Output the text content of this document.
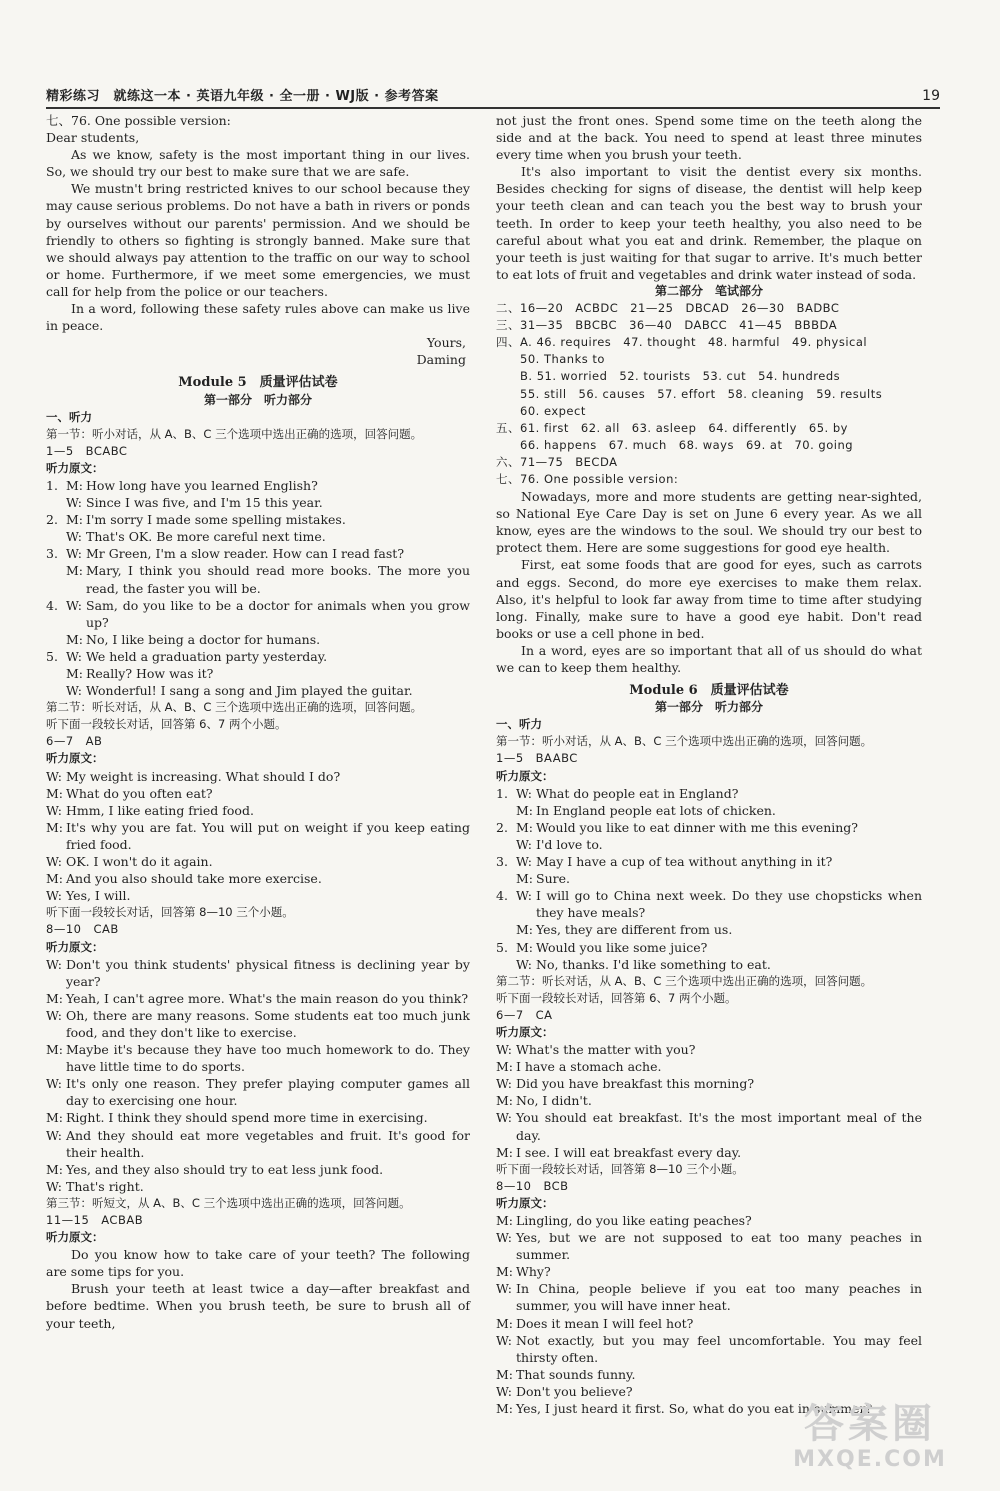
精彩练习　就练这一本 · 英语九年级 · 全一册 · WJ版 · 参考答案	19

七、76. One possible version:

Dear students,

As we know, safety is the most important thing in our lives. So, we should try our best to make sure that we are safe.

We mustn't bring restricted knives to our school because they may cause serious problems. Do not have a bath in rivers or ponds by ourselves without our parents' permission. And we should be friendly to others so fighting is strongly banned. Make sure that we should always pay attention to the traffic on our way to school or home. Furthermore, if we meet some emergencies, we must call for help from the police or our teachers.

In a word, following these safety rules above can make us live in peace.

Yours,

Daming

Module 5　质量评估试卷

第一部分　听力部分

一、听力

第一节：听小对话，从 A、B、C 三个选项中选出正确的选项，回答问题。

1—5　BCABC

听力原文：

1. M: How long have you learned English?
W: Since I was five, and I'm 15 this year.
2. M: I'm sorry I made some spelling mistakes.
W: That's OK. Be more careful next time.
3. W: Mr Green, I'm a slow reader. How can I read fast?
M: Mary, I think you should read more books. The more you read, the faster you will be.
4. W: Sam, do you like to be a doctor for animals when you grow up?
M: No, I like being a doctor for humans.
5. W: We held a graduation party yesterday.
M: Really? How was it?
W: Wonderful! I sang a song and Jim played the guitar.

第二节：听长对话，从 A、B、C 三个选项中选出正确的选项，回答问题。

听下面一段较长对话，回答第 6、7 两个小题。

6—7　AB

听力原文：

W: My weight is increasing. What should I do?
M: What do you often eat?
W: Hmm, I like eating fried food.
M: It's why you are fat. You will put on weight if you keep eating fried food.
W: OK. I won't do it again.
M: And you also should take more exercise.
W: Yes, I will.

听下面一段较长对话，回答第 8—10 三个小题。

8—10　CAB

听力原文：

W: Don't you think students' physical fitness is declining year by year?
M: Yeah, I can't agree more. What's the main reason do you think?
W: Oh, there are many reasons. Some students eat too much junk food, and they don't like to exercise.
M: Maybe it's because they have too much homework to do. They have little time to do sports.
W: It's only one reason. They prefer playing computer games all day to exercising one hour.
M: Right. I think they should spend more time in exercising.
W: And they should eat more vegetables and fruit. It's good for their health.
M: Yes, and they also should try to eat less junk food.
W: That's right.

第三节：听短文，从 A、B、C 三个选项中选出正确的选项，回答问题。

11—15　ACBAB

听力原文：

Do you know how to take care of your teeth? The following are some tips for you.

Brush your teeth at least twice a day—after breakfast and before bedtime. When you brush teeth, be sure to brush all of your teeth,

not just the front ones. Spend some time on the teeth along the side and at the back. You need to spend at least three minutes every time when you brush your teeth.

It's also important to visit the dentist every six months. Besides checking for signs of disease, the dentist will help keep your teeth clean and can teach you the best way to brush your teeth. In order to keep your teeth healthy, you also need to be careful about what you eat and drink. Remember, the plaque on your teeth is just waiting for that sugar to arrive. It's much better to eat lots of fruit and vegetables and drink water instead of soda.

第二部分　笔试部分

二、16—20　ACBDC　21—25　DBCAD　26—30　BADBC

三、31—35　BBCBC　36—40　DABCC　41—45　BBBDA

四、A. 46. requires　47. thought　48. harmful　49. physical

　　50. Thanks to

　　B. 51. worried　52. tourists　53. cut　54. hundreds

　　55. still　56. causes　57. effort　58. cleaning　59. results

　　60. expect

五、61. first　62. all　63. asleep　64. differently　65. by

　　66. happens　67. much　68. ways　69. at　70. going

六、71—75　BECDA

七、76. One possible version:

Nowadays, more and more students are getting near-sighted, so National Eye Care Day is set on June 6 every year. As we all know, eyes are the windows to the soul. We should try our best to protect them. Here are some suggestions for good eye health.

First, eat some foods that are good for eyes, such as carrots and eggs. Second, do more eye exercises to make them relax. Also, it's helpful to look far away from time to time after studying long. Finally, make sure to have a good eye habit. Don't read books or use a cell phone in bed.

In a word, eyes are so important that all of us should do what we can to keep them healthy.

Module 6　质量评估试卷

第一部分　听力部分

一、听力

第一节：听小对话，从 A、B、C 三个选项中选出正确的选项，回答问题。

1—5　BAABC

听力原文：

1. W: What do people eat in England?
M: In England people eat lots of chicken.
2. M: Would you like to eat dinner with me this evening?
W: I'd love to.
3. W: May I have a cup of tea without anything in it?
M: Sure.
4. W: I will go to China next week. Do they use chopsticks when they have meals?
M: Yes, they are different from us.
5. M: Would you like some juice?
W: No, thanks. I'd like something to eat.

第二节：听长对话，从 A、B、C 三个选项中选出正确的选项，回答问题。

听下面一段较长对话，回答第 6、7 两个小题。

6—7　CA

听力原文：

W: What's the matter with you?
M: I have a stomach ache.
W: Did you have breakfast this morning?
M: No, I didn't.
W: You should eat breakfast. It's the most important meal of the day.
M: I see. I will eat breakfast every day.

听下面一段较长对话，回答第 8—10 三个小题。

8—10　BCB

听力原文：

M: Lingling, do you like eating peaches?
W: Yes, but we are not supposed to eat too many peaches in summer.
M: Why?
W: In China, people believe if you eat too many peaches in summer, you will have inner heat.
M: Does it mean I will feel hot?
W: Not exactly, but you may feel uncomfortable. You may feel thirsty often.
M: That sounds funny.
W: Don't you believe?
M: Yes, I just heard it first. So, what do you eat in summer?
答案圈
MXQE.COM
